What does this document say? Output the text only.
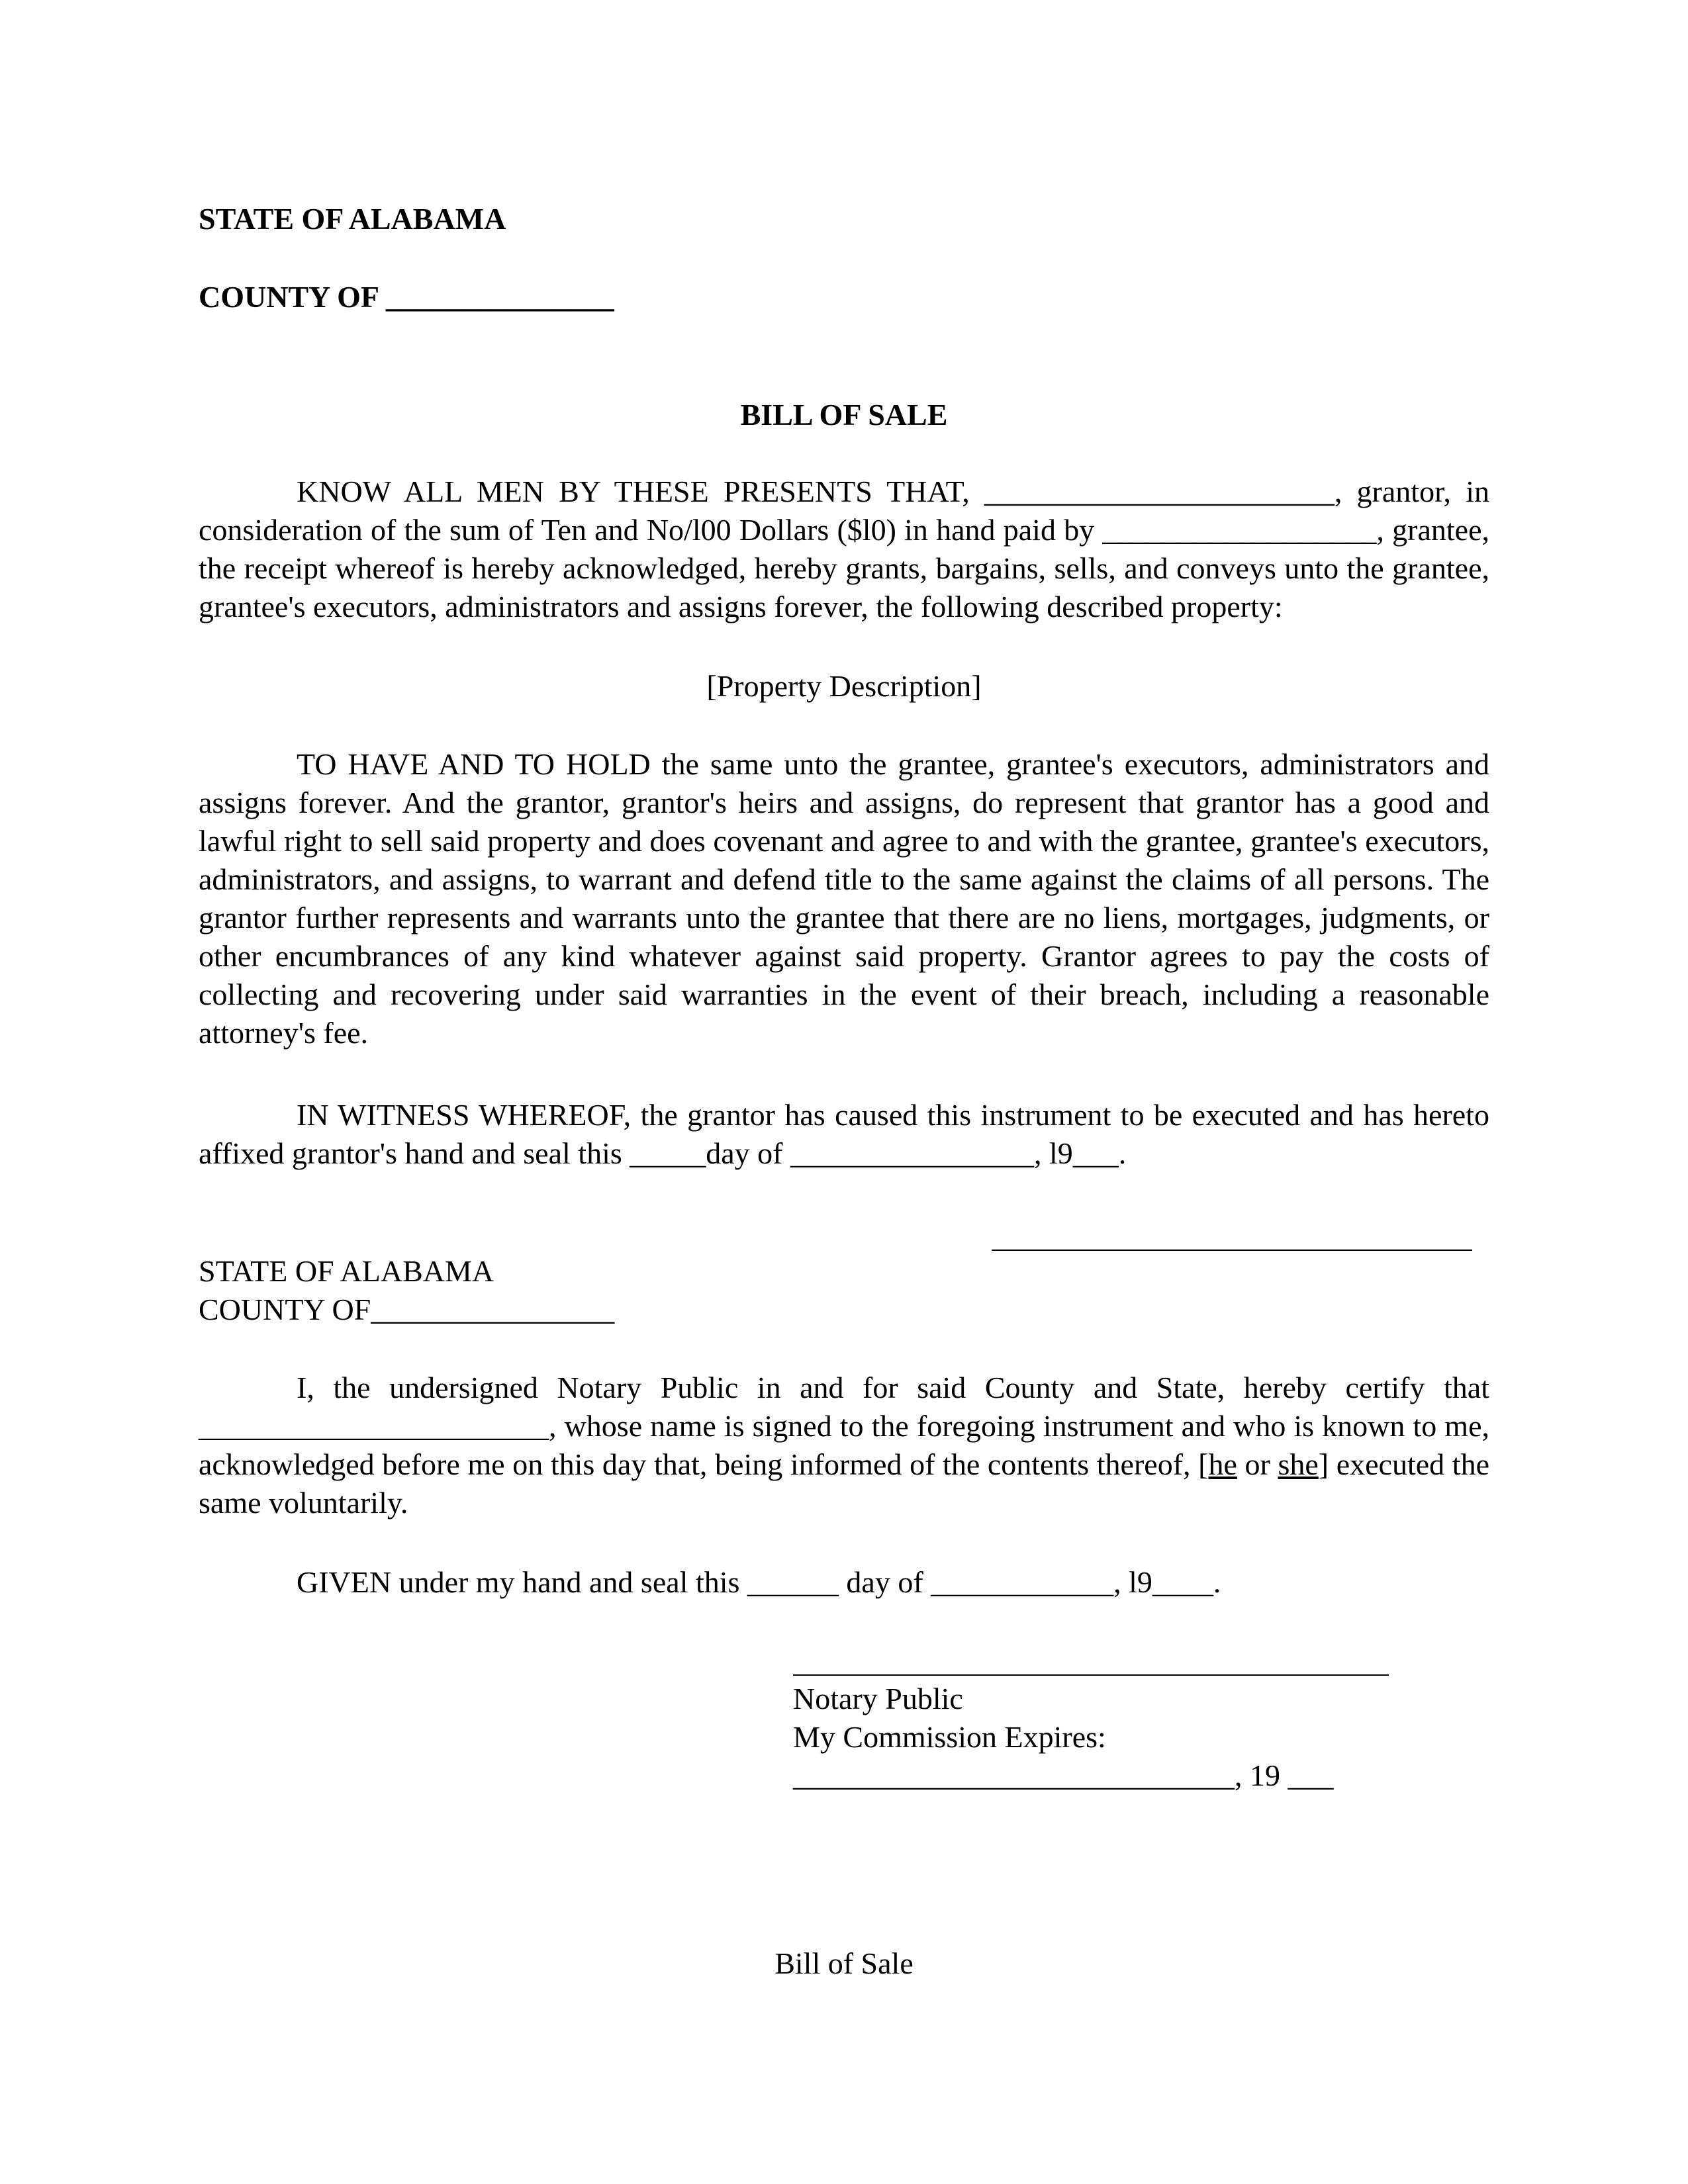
STATE OF ALABAMA
COUNTY OF _______________
BILL OF SALE
KNOW ALL MEN BY THESE PRESENTS THAT, _______________________, grantor, in consideration of the sum of Ten and No/l00 Dollars ($l0) in hand paid by __________________, grantee, the receipt whereof is hereby acknowledged, hereby grants, bargains, sells, and conveys unto the grantee, grantee's executors, administrators and assigns forever, the following described property:
[Property Description]
TO HAVE AND TO HOLD the same unto the grantee, grantee's executors, administrators and assigns forever. And the grantor, grantor's heirs and assigns, do represent that grantor has a good and lawful right to sell said property and does covenant and agree to and with the grantee, grantee's executors, administrators, and assigns, to warrant and defend title to the same against the claims of all persons. The grantor further represents and warrants unto the grantee that there are no liens, mortgages, judgments, or other encumbrances of any kind whatever against said property. Grantor agrees to pay the costs of collecting and recovering under said warranties in the event of their breach, including a reasonable attorney's fee.
IN WITNESS WHEREOF, the grantor has caused this instrument to be executed and has hereto affixed grantor's hand and seal this _____day of ________________, l9___.
STATE OF ALABAMA
COUNTY OF________________
I, the undersigned Notary Public in and for said County and State, hereby certify that _______________________, whose name is signed to the foregoing instrument and who is known to me, acknowledged before me on this day that, being informed of the contents thereof, [he or she] executed the same voluntarily.
GIVEN under my hand and seal this ______ day of ____________, l9____.
Notary Public
My Commission Expires:
_____________________________, 19 ___
Bill of Sale
